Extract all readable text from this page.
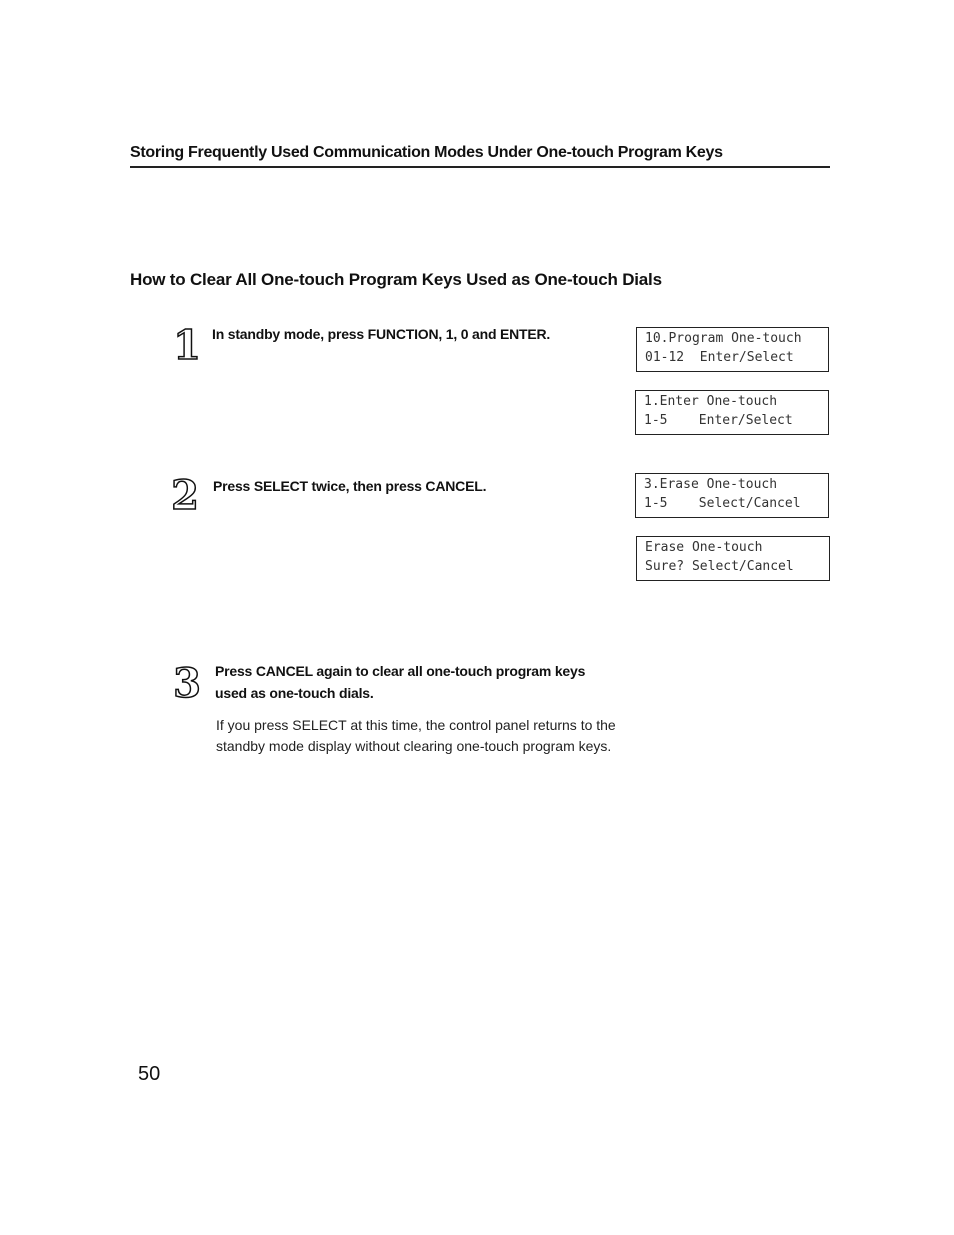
Storing Frequently Used Communication Modes Under One-touch Program Keys
How to Clear All One-touch Program Keys Used as One-touch Dials
1 In standby mode, press FUNCTION, 1, 0 and ENTER.
2 Press SELECT twice, then press CANCEL.
3 Press CANCEL again to clear all one-touch program keys
used as one-touch dials.
If you press SELECT at this time, the control panel returns to the standby mode display without clearing one-touch program keys.
10.Program One-touch
01-12  Enter/Select
1.Enter One-touch
1-5    Enter/Select
3.Erase One-touch
1-5    Select/Cancel
Erase One-touch
Sure? Select/Cancel
50
